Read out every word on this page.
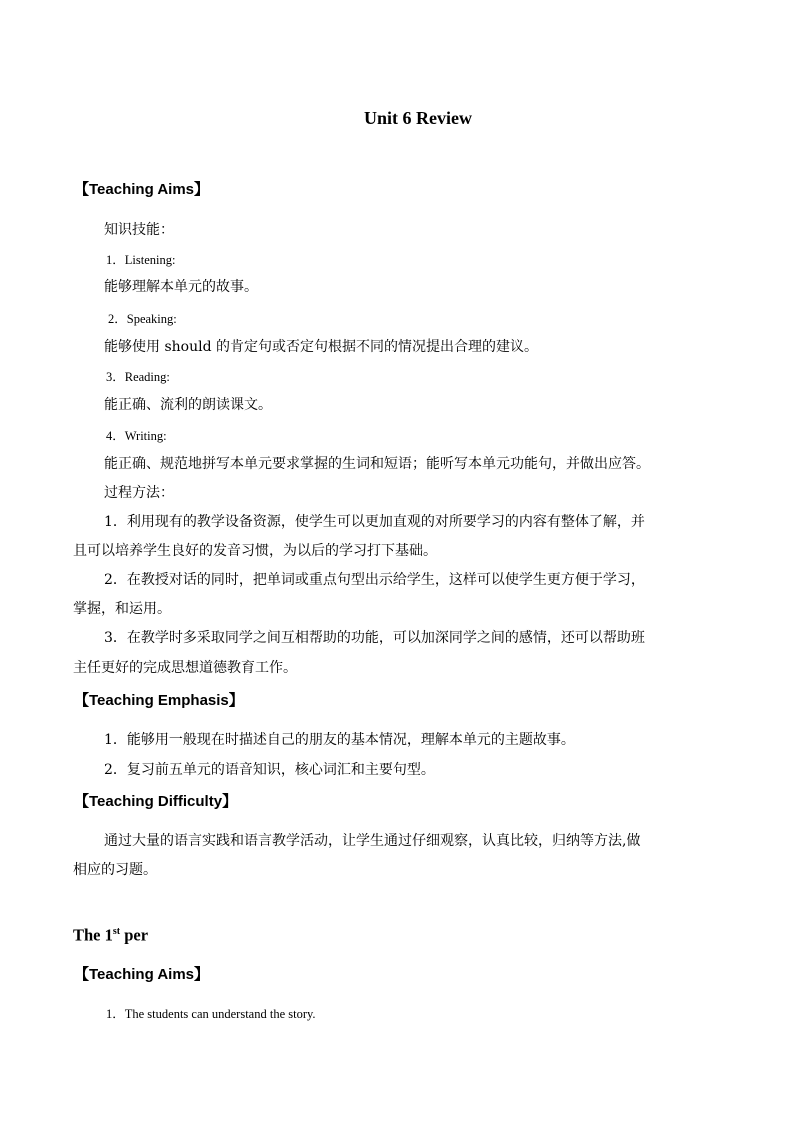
Unit 6 Review
【Teaching Aims】
知识技能：
1．Listening:
能够理解本单元的故事。
2．Speaking:
能够使用 should 的肯定句或否定句根据不同的情况提出合理的建议。
3．Reading:
能正确、流利的朗读课文。
4．Writing:
能正确、规范地拼写本单元要求掌握的生词和短语；能听写本单元功能句，并做出应答。
过程方法：
1．利用现有的教学设备资源，使学生可以更加直观的对所要学习的内容有整体了解，并
且可以培养学生良好的发音习惯，为以后的学习打下基础。
2．在教授对话的同时，把单词或重点句型出示给学生，这样可以使学生更方便于学习，
掌握，和运用。
3．在教学时多采取同学之间互相帮助的功能，可以加深同学之间的感情，还可以帮助班
主任更好的完成思想道德教育工作。
【Teaching Emphasis】
1．能够用一般现在时描述自己的朋友的基本情况，理解本单元的主题故事。
2．复习前五单元的语音知识，核心词汇和主要句型。
【Teaching Difficulty】
通过大量的语言实践和语言教学活动，让学生通过仔细观察，认真比较，归纳等方法,做
相应的习题。
The 1st per
【Teaching Aims】
1．The students can understand the story.
